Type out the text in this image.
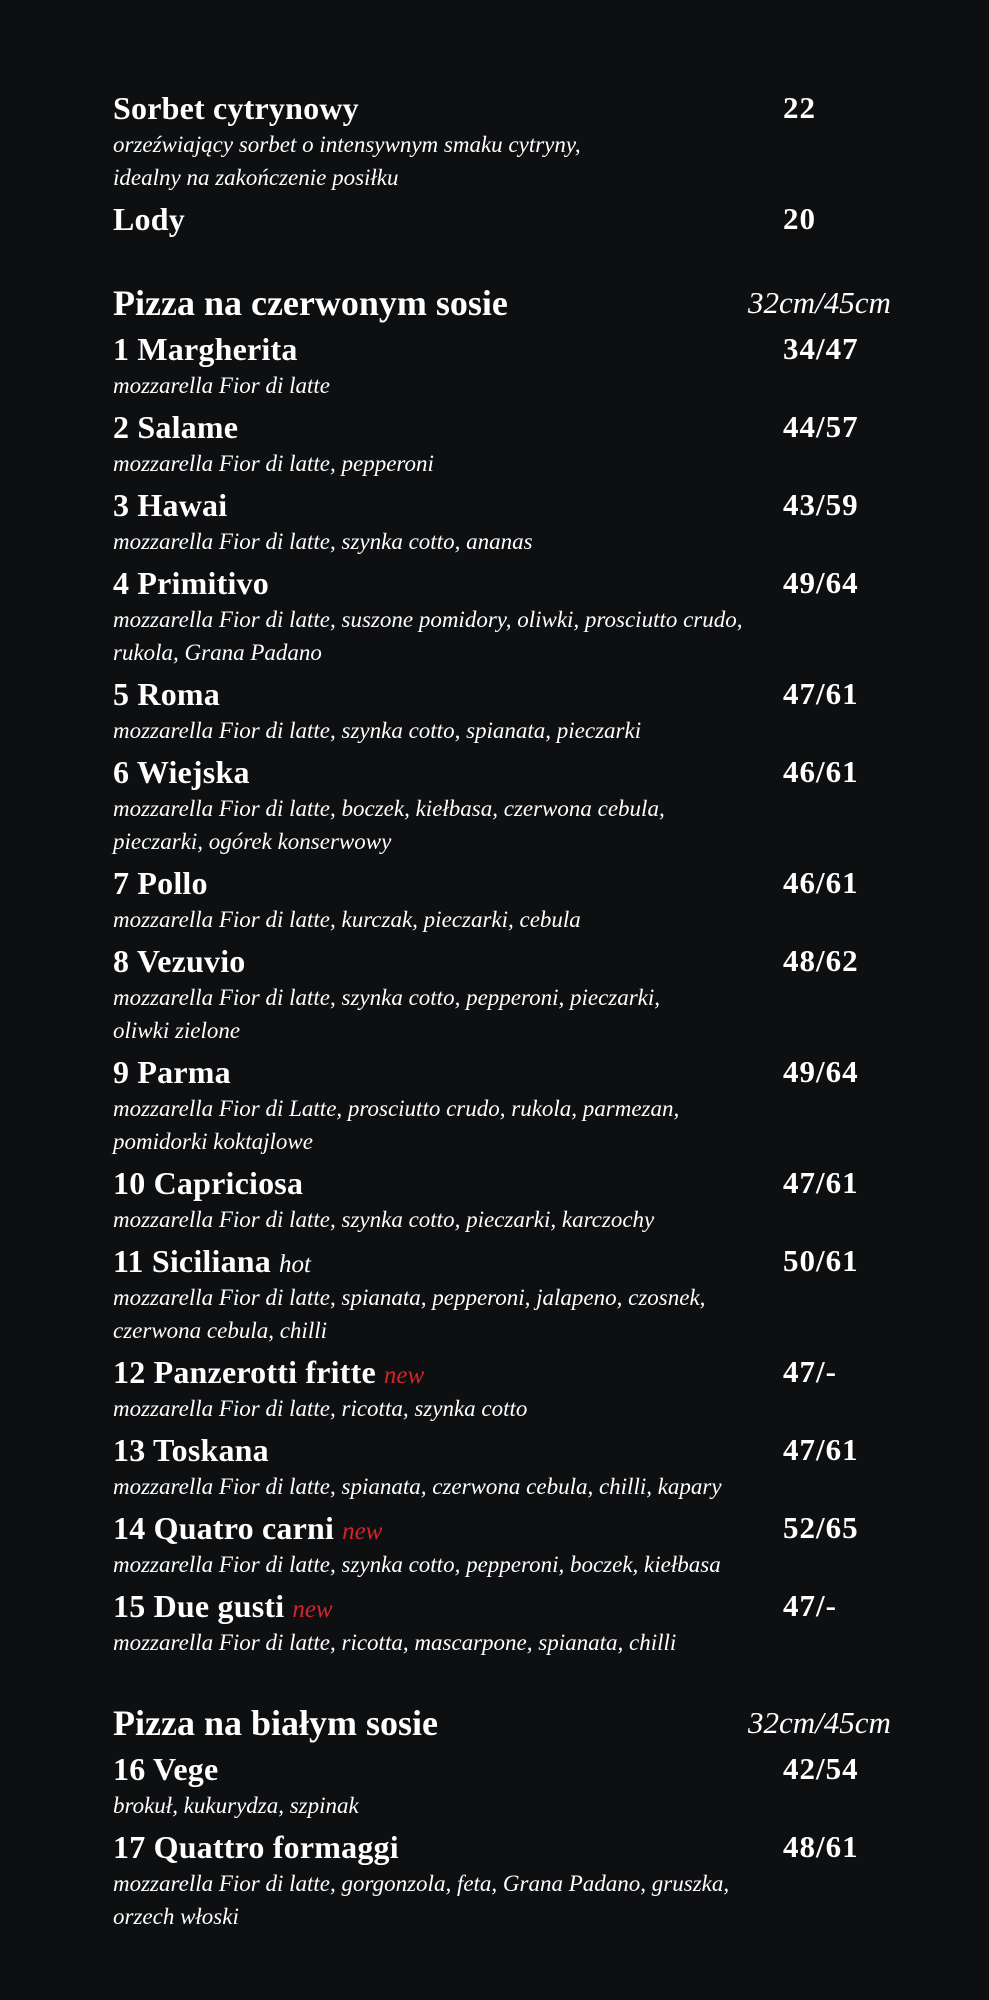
Sorbet cytrynowy	22
orzeźwiający sorbet o intensywnym smaku cytryny,
idealny na zakończenie posiłku
Lody	20
Pizza na czerwonym sosie	32cm/45cm
1 Margherita	34/47
mozzarella Fior di latte
2 Salame	44/57
mozzarella Fior di latte, pepperoni
3 Hawai	43/59
mozzarella Fior di latte, szynka cotto, ananas
4 Primitivo	49/64
mozzarella Fior di latte, suszone pomidory, oliwki, prosciutto crudo,
rukola, Grana Padano
5 Roma	47/61
mozzarella Fior di latte, szynka cotto, spianata, pieczarki
6 Wiejska	46/61
mozzarella Fior di latte, boczek, kiełbasa, czerwona cebula,
pieczarki, ogórek konserwowy
7 Pollo	46/61
mozzarella Fior di latte, kurczak, pieczarki, cebula
8 Vezuvio	48/62
mozzarella Fior di latte, szynka cotto, pepperoni, pieczarki,
oliwki zielone
9 Parma	49/64
mozzarella Fior di Latte, prosciutto crudo, rukola, parmezan,
pomidorki koktajlowe
10 Capriciosa	47/61
mozzarella Fior di latte, szynka cotto, pieczarki, karczochy
11 Siciliana hot	50/61
mozzarella Fior di latte, spianata, pepperoni, jalapeno, czosnek,
czerwona cebula, chilli
12 Panzerotti fritte new	47/-
mozzarella Fior di latte, ricotta, szynka cotto
13 Toskana	47/61
mozzarella Fior di latte, spianata, czerwona cebula, chilli, kapary
14 Quatro carni new	52/65
mozzarella Fior di latte, szynka cotto, pepperoni, boczek, kiełbasa
15 Due gusti new	47/-
mozzarella Fior di latte, ricotta, mascarpone, spianata, chilli
Pizza na białym sosie	32cm/45cm
16 Vege	42/54
brokuł, kukurydza, szpinak
17 Quattro formaggi	48/61
mozzarella Fior di latte, gorgonzola, feta, Grana Padano, gruszka,
orzech włoski
